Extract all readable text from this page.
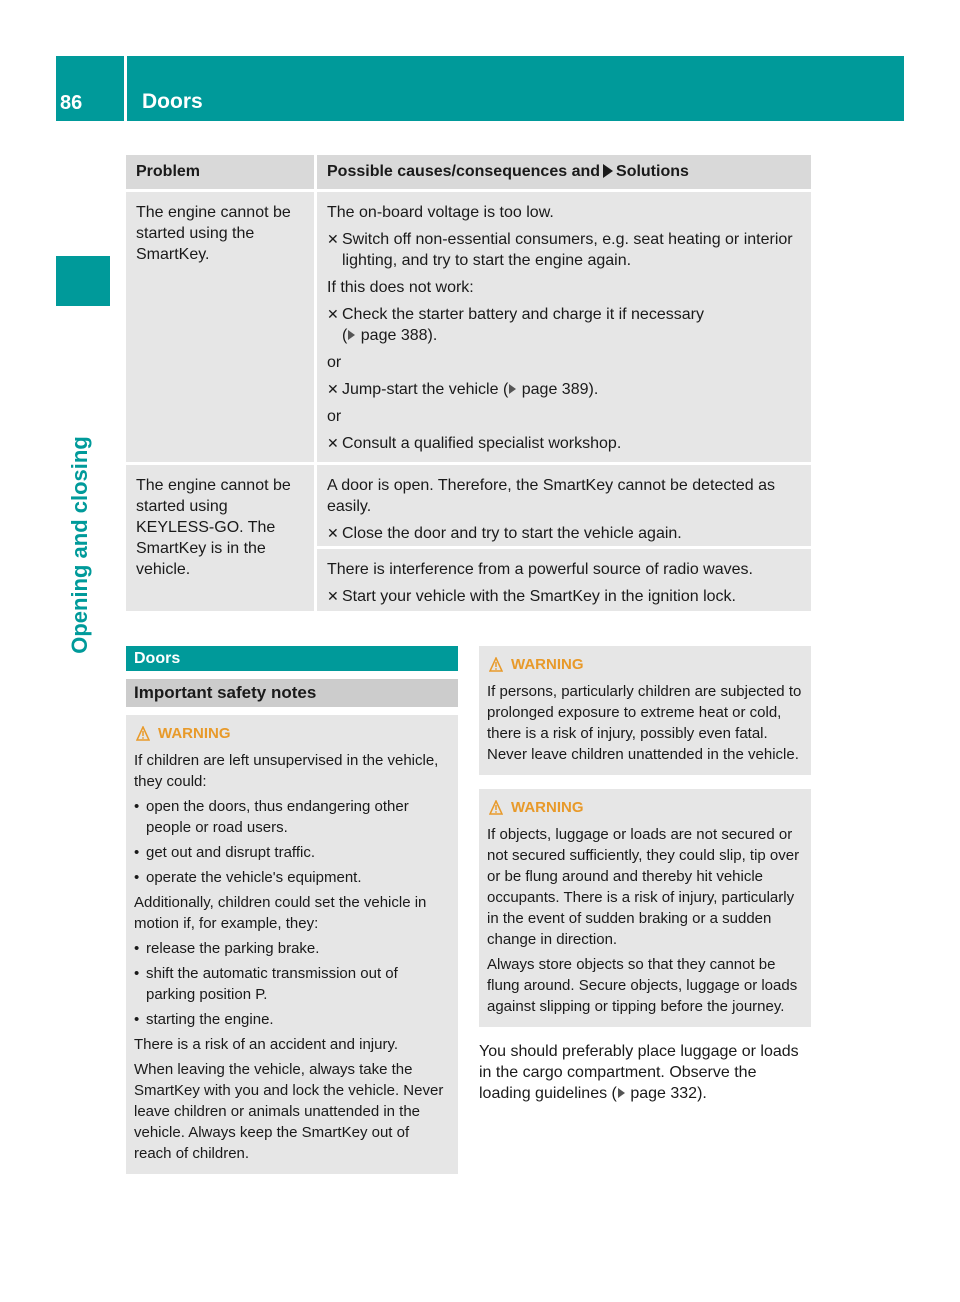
86	Doors
Opening and closing
Problem	Possible causes/consequences and Solutions
The engine cannot be started using the SmartKey.

The on-board voltage is too low.

✕ Switch off non-essential consumers, e.g. seat heating or interior lighting, and try to start the engine again.

If this does not work:

✕ Check the starter battery and charge it if necessary
( page 388).

or

✕ Jump-start the vehicle ( page 389).

or

✕ Consult a qualified specialist workshop.
The engine cannot be started using KEYLESS-GO. The SmartKey is in the vehicle.

A door is open. Therefore, the SmartKey cannot be detected as easily.

✕ Close the door and try to start the vehicle again.

There is interference from a powerful source of radio waves.

✕ Start your vehicle with the SmartKey in the ignition lock.
Doors
Important safety notes
WARNING

If children are left unsupervised in the vehicle, they could:

• open the doors, thus endangering other people or road users.
• get out and disrupt traffic.
• operate the vehicle's equipment.

Additionally, children could set the vehicle in motion if, for example, they:

• release the parking brake.
• shift the automatic transmission out of parking position P.
• starting the engine.

There is a risk of an accident and injury.

When leaving the vehicle, always take the SmartKey with you and lock the vehicle. Never leave children or animals unattended in the vehicle. Always keep the SmartKey out of reach of children.

WARNING

If persons, particularly children are subjected to prolonged exposure to extreme heat or cold, there is a risk of injury, possibly even fatal. Never leave children unattended in the vehicle.

WARNING

If objects, luggage or loads are not secured or not secured sufficiently, they could slip, tip over or be flung around and thereby hit vehicle occupants. There is a risk of injury, particularly in the event of sudden braking or a sudden change in direction.

Always store objects so that they cannot be flung around. Secure objects, luggage or loads against slipping or tipping before the journey.

You should preferably place luggage or loads in the cargo compartment. Observe the loading guidelines ( page 332).
